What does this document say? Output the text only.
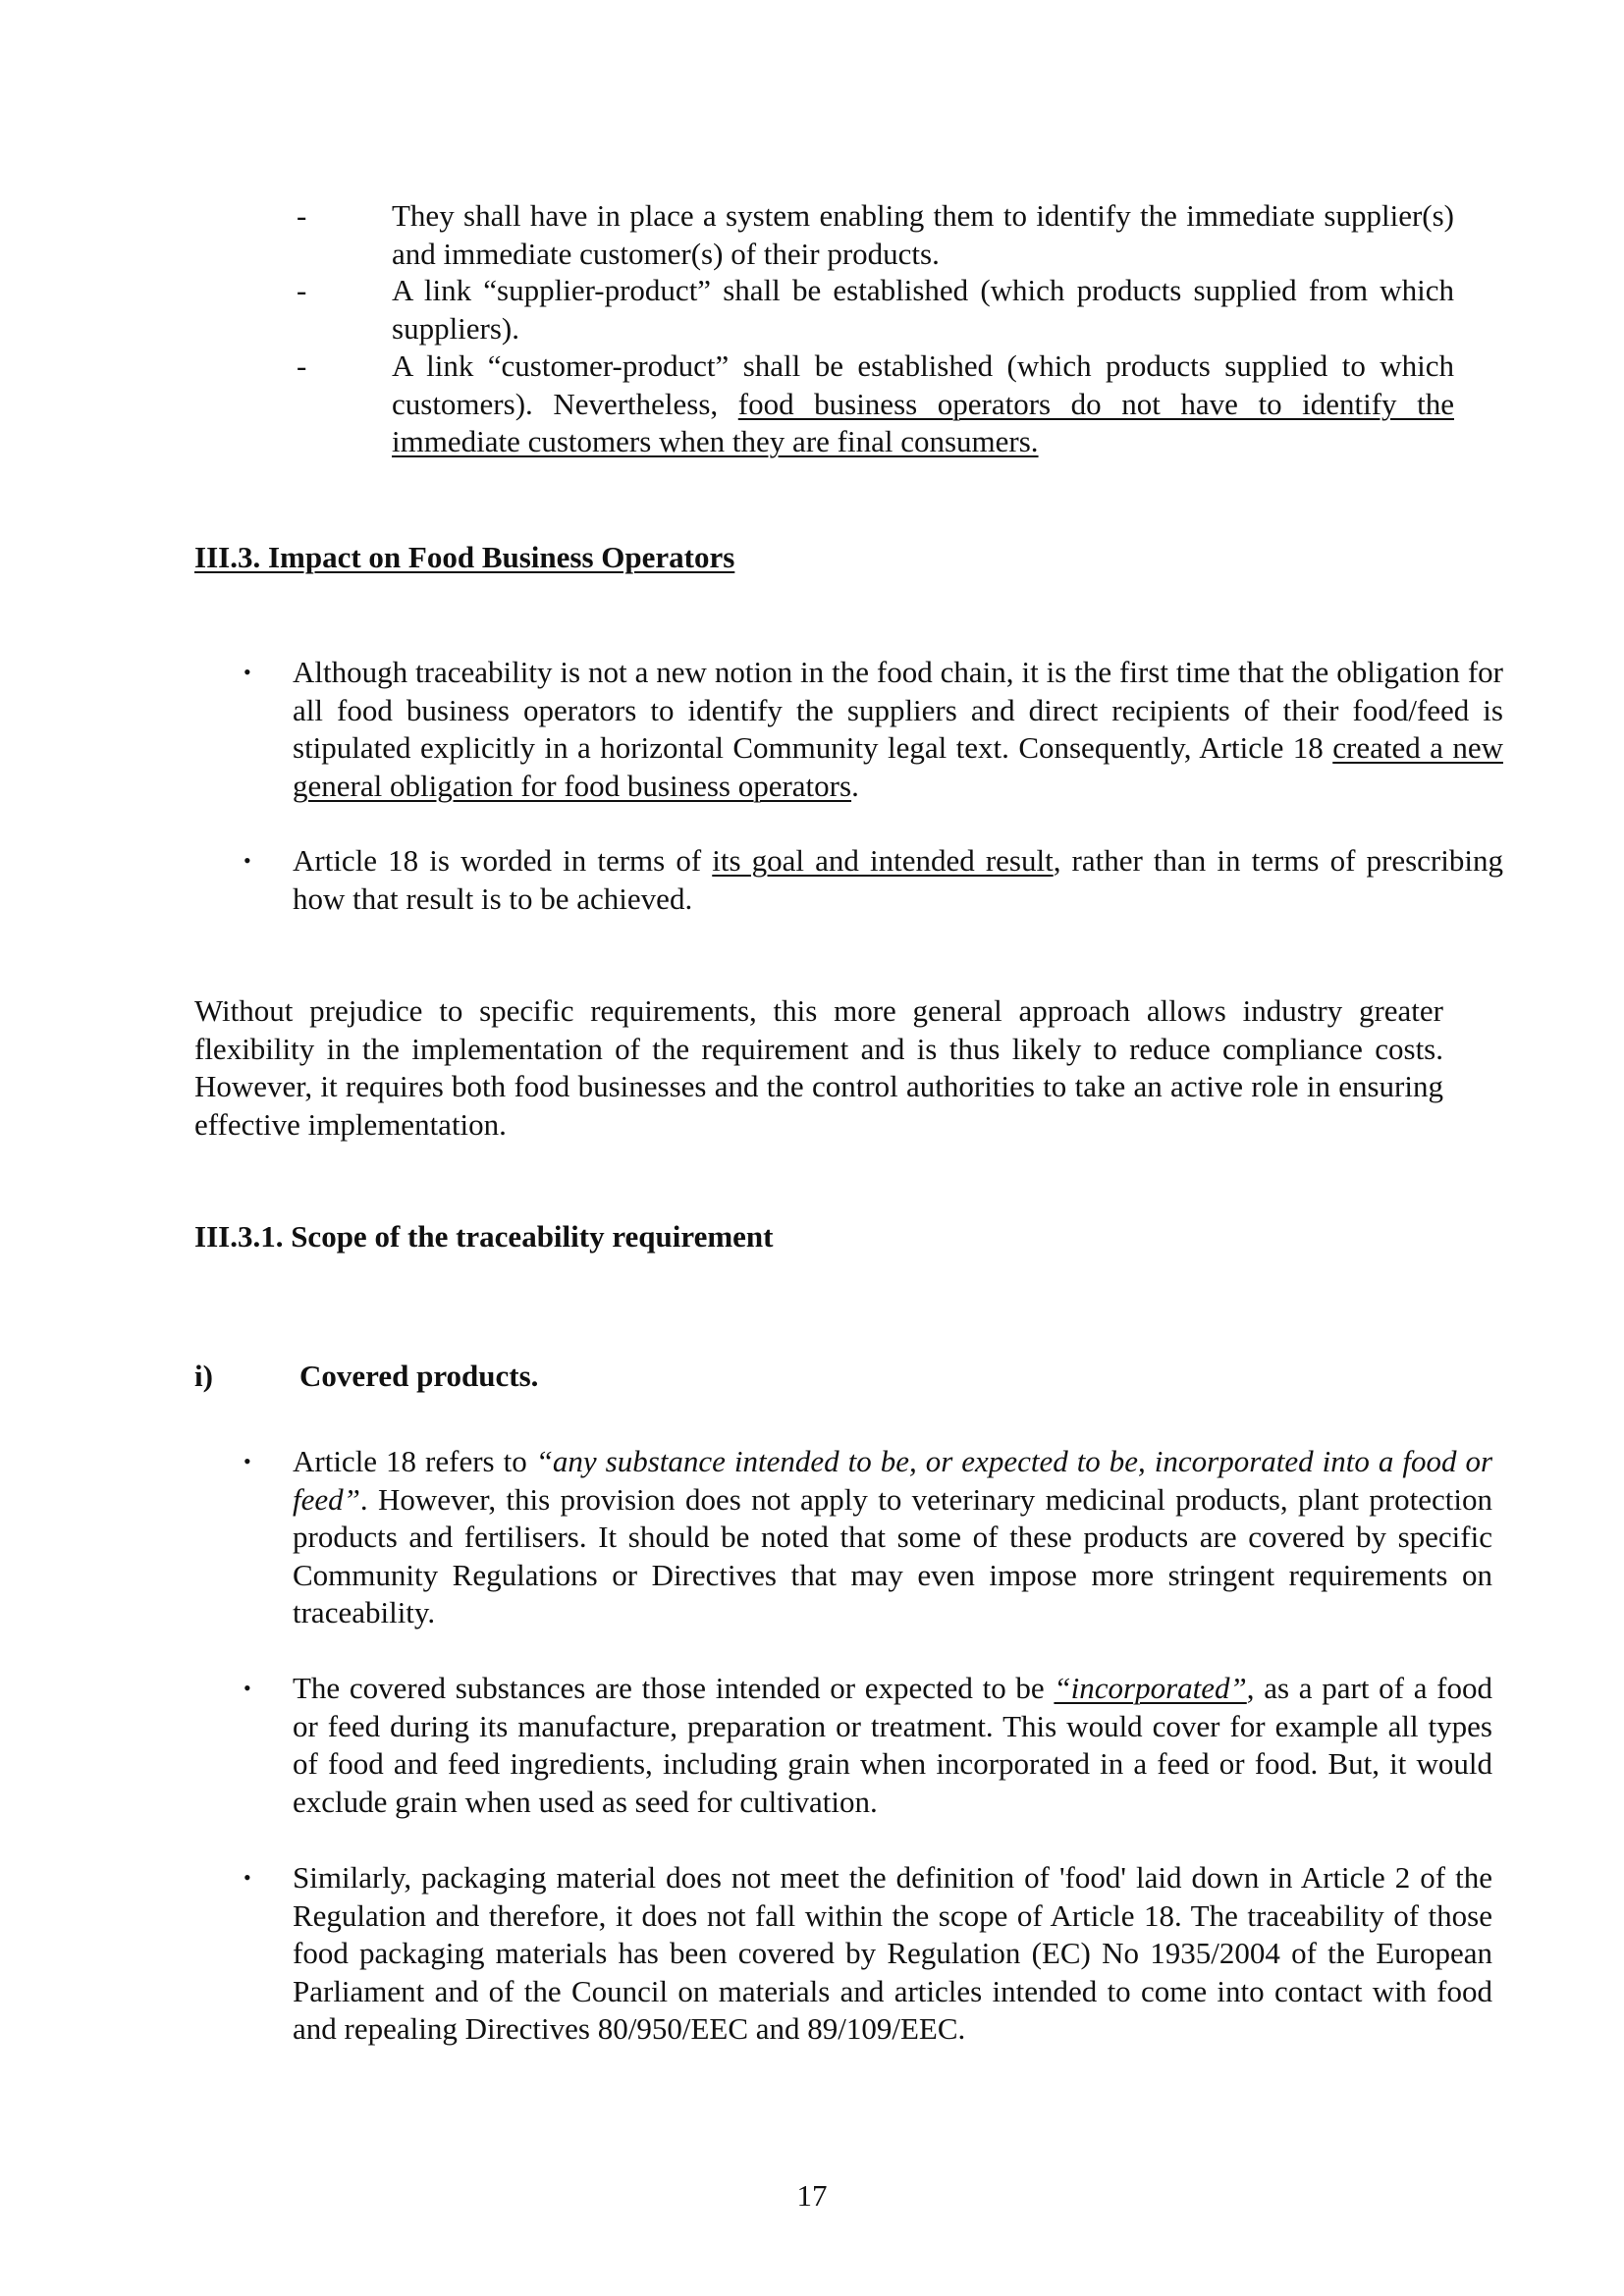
-	They shall have in place a system enabling them to identify the immediate supplier(s) and immediate customer(s) of their products.
-	A link “supplier-product” shall be established (which products supplied from which suppliers).
-	A link “customer-product” shall be established (which products supplied to which customers). Nevertheless, food business operators do not have to identify the immediate customers when they are final consumers.
III.3. Impact on Food Business Operators
• Although traceability is not a new notion in the food chain, it is the first time that the obligation for all food business operators to identify the suppliers and direct recipients of their food/feed is stipulated explicitly in a horizontal Community legal text. Consequently, Article 18 created a new general obligation for food business operators.
• Article 18 is worded in terms of its goal and intended result, rather than in terms of prescribing how that result is to be achieved.
Without prejudice to specific requirements, this more general approach allows industry greater flexibility in the implementation of the requirement and is thus likely to reduce compliance costs. However, it requires both food businesses and the control authorities to take an active role in ensuring effective implementation.
III.3.1. Scope of the traceability requirement
i)	Covered products.
• Article 18 refers to “any substance intended to be, or expected to be, incorporated into a food or feed”. However, this provision does not apply to veterinary medicinal products, plant protection products and fertilisers. It should be noted that some of these products are covered by specific Community Regulations or Directives that may even impose more stringent requirements on traceability.
• The covered substances are those intended or expected to be “incorporated”, as a part of a food or feed during its manufacture, preparation or treatment. This would cover for example all types of food and feed ingredients, including grain when incorporated in a feed or food. But, it would exclude grain when used as seed for cultivation.
• Similarly, packaging material does not meet the definition of 'food' laid down in Article 2 of the Regulation and therefore, it does not fall within the scope of Article 18. The traceability of those food packaging materials has been covered by Regulation (EC) No 1935/2004 of the European Parliament and of the Council on materials and articles intended to come into contact with food and repealing Directives 80/950/EEC and 89/109/EEC.
17
